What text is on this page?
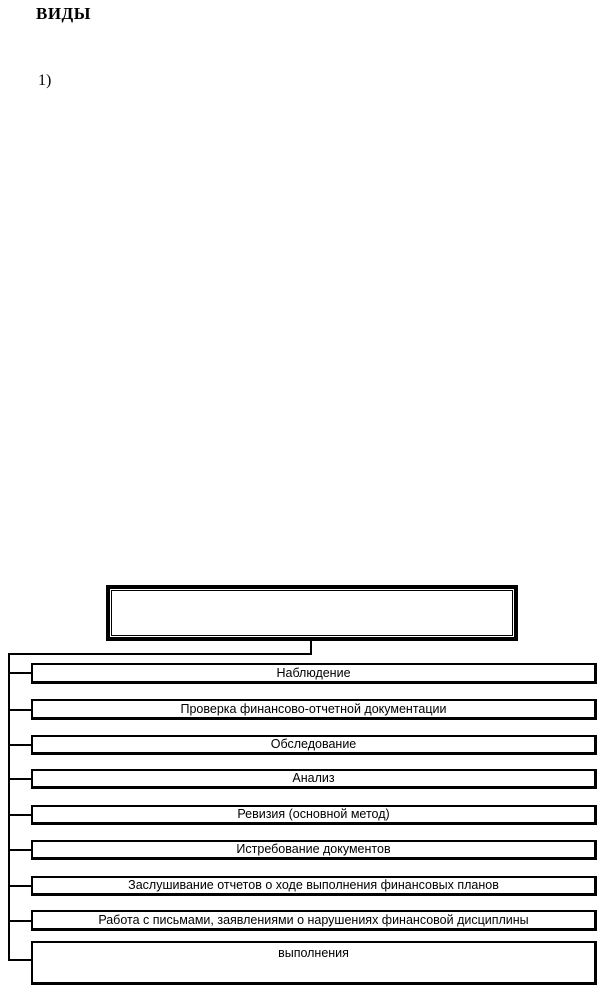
ВИДЫ
1)
Наблюдение
Проверка финансово-отчетной документации
Обследование
Анализ
Ревизия (основной метод)
Истребование документов
Заслушивание отчетов о ходе выполнения финансовых планов
Работа с письмами, заявлениями о нарушениях финансовой дисциплины
выполнения
